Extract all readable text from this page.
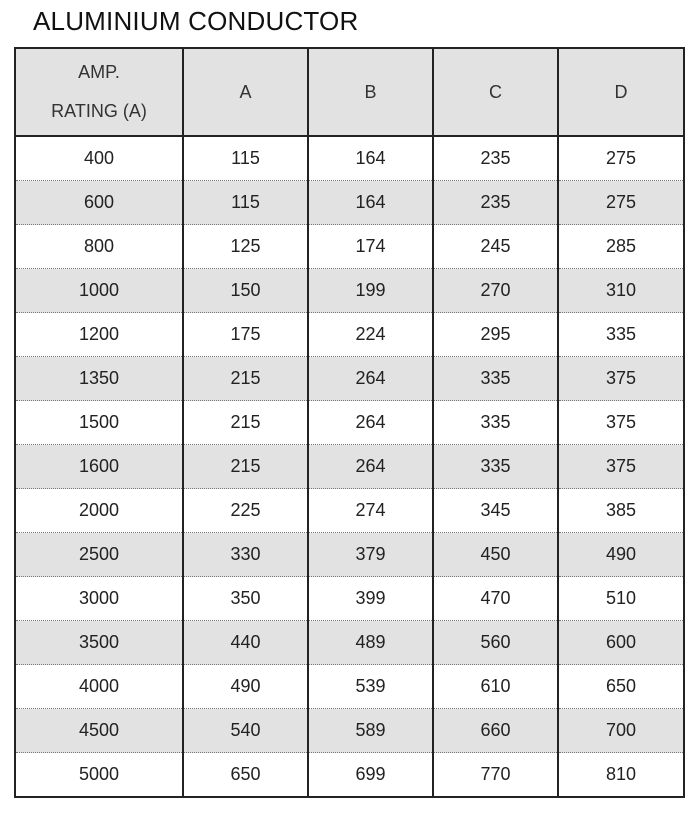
ALUMINIUM CONDUCTOR
AMP.
RATING (A)	A	B	C	D
400	115	164	235	275
600	115	164	235	275
800	125	174	245	285
1000	150	199	270	310
1200	175	224	295	335
1350	215	264	335	375
1500	215	264	335	375
1600	215	264	335	375
2000	225	274	345	385
2500	330	379	450	490
3000	350	399	470	510
3500	440	489	560	600
4000	490	539	610	650
4500	540	589	660	700
5000	650	699	770	810
